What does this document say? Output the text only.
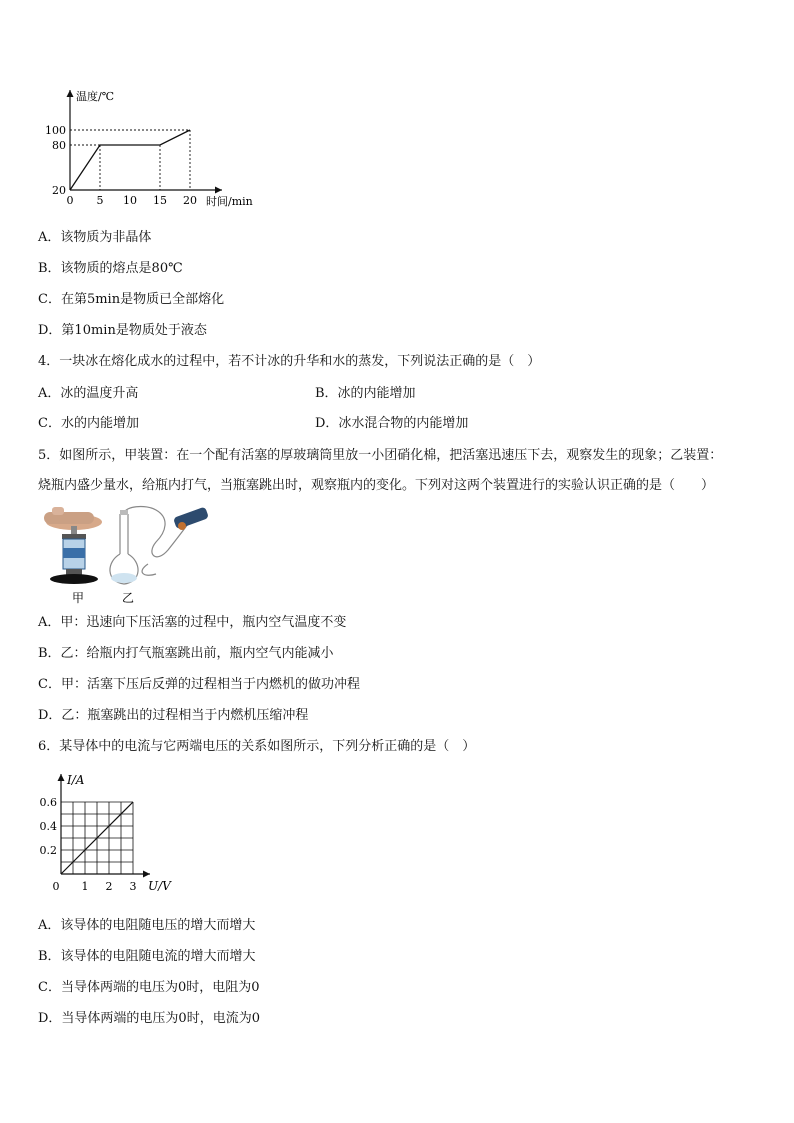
温度/℃
时间/min
20
80
100
0 5 10 15 20
A．该物质为非晶体
B．该物质的熔点是80℃
C．在第5min是物质已全部熔化
D．第10min是物质处于液态
4．一块冰在熔化成水的过程中，若不计冰的升华和水的蒸发，下列说法正确的是（　）
A．冰的温度升高	B．冰的内能增加
C．水的内能增加	D．冰水混合物的内能增加
5．如图所示，甲装置：在一个配有活塞的厚玻璃筒里放一小团硝化棉，把活塞迅速压下去，观察发生的现象；乙装置：
烧瓶内盛少量水，给瓶内打气，当瓶塞跳出时，观察瓶内的变化。下列对这两个装置进行的实验认识正确的是（　　）
甲	乙
A．甲：迅速向下压活塞的过程中，瓶内空气温度不变
B．乙：给瓶内打气瓶塞跳出前，瓶内空气内能减小
C．甲：活塞下压后反弹的过程相当于内燃机的做功冲程
D．乙：瓶塞跳出的过程相当于内燃机压缩冲程
6．某导体中的电流与它两端电压的关系如图所示，下列分析正确的是（　）
I/A
U/V
0.2
0.4
0.6
0 1 2 3
A．该导体的电阻随电压的增大而增大
B．该导体的电阻随电流的增大而增大
C．当导体两端的电压为0时，电阻为0
D．当导体两端的电压为0时，电流为0
